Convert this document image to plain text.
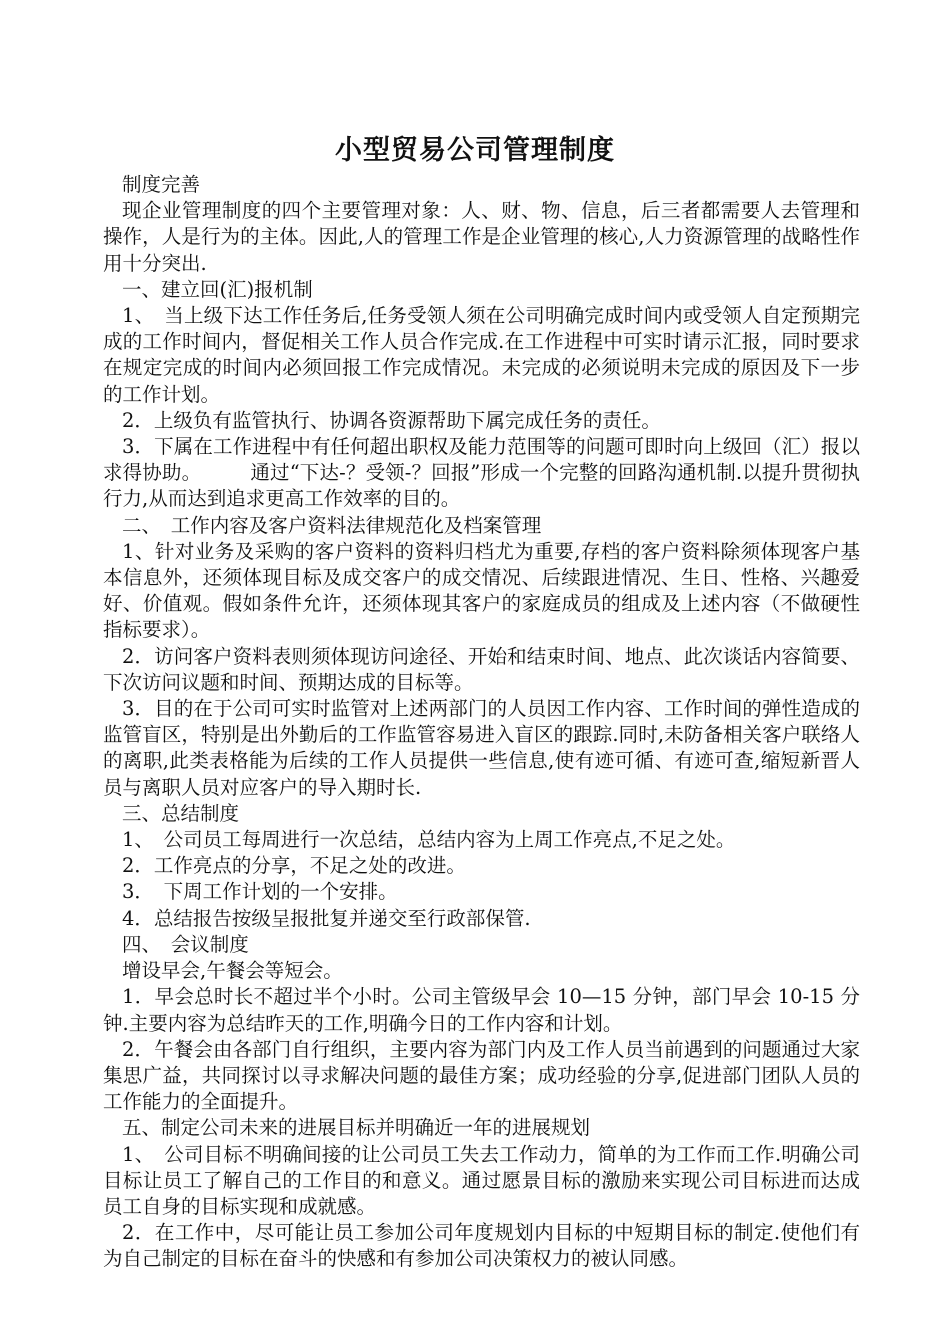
小型贸易公司管理制度

制度完善

现企业管理制度的四个主要管理对象：人、财、物、信息，后三者都需要人去管理和操作，人是行为的主体。因此,人的管理工作是企业管理的核心,人力资源管理的战略性作用十分突出.

一、建立回(汇)报机制

1、　当上级下达工作任务后,任务受领人须在公司明确完成时间内或受领人自定预期完成的工作时间内，督促相关工作人员合作完成.在工作进程中可实时请示汇报，同时要求在规定完成的时间内必须回报工作完成情况。未完成的必须说明未完成的原因及下一步的工作计划。

2．上级负有监管执行、协调各资源帮助下属完成任务的责任。

3．下属在工作进程中有任何超出职权及能力范围等的问题可即时向上级回（汇）报以求得协助。　　　通过“下达-？受领-？回报”形成一个完整的回路沟通机制.以提升贯彻执行力,从而达到追求更高工作效率的目的。

二、　工作内容及客户资料法律规范化及档案管理

1、针对业务及采购的客户资料的资料归档尤为重要,存档的客户资料除须体现客户基本信息外，还须体现目标及成交客户的成交情况、后续跟进情况、生日、性格、兴趣爱好、价值观。假如条件允许，还须体现其客户的家庭成员的组成及上述内容（不做硬性指标要求）。

2．访问客户资料表则须体现访问途径、开始和结束时间、地点、此次谈话内容简要、下次访问议题和时间、预期达成的目标等。

3．目的在于公司可实时监管对上述两部门的人员因工作内容、工作时间的弹性造成的监管盲区，特别是出外勤后的工作监管容易进入盲区的跟踪.同时,未防备相关客户联络人的离职,此类表格能为后续的工作人员提供一些信息,使有迹可循、有迹可查,缩短新晋人员与离职人员对应客户的导入期时长.

三、总结制度

1、　公司员工每周进行一次总结，总结内容为上周工作亮点,不足之处。

2．工作亮点的分享，不足之处的改进。

3．　下周工作计划的一个安排。

4．总结报告按级呈报批复并递交至行政部保管.

四、　会议制度

增设早会,午餐会等短会。

1．早会总时长不超过半个小时。公司主管级早会 10—15 分钟，部门早会 10-15 分钟.主要内容为总结昨天的工作,明确今日的工作内容和计划。

2．午餐会由各部门自行组织，主要内容为部门内及工作人员当前遇到的问题通过大家集思广益，共同探讨以寻求解决问题的最佳方案；成功经验的分享,促进部门团队人员的工作能力的全面提升。

五、制定公司未来的进展目标并明确近一年的进展规划

1、　公司目标不明确间接的让公司员工失去工作动力，简单的为工作而工作.明确公司目标让员工了解自己的工作目的和意义。通过愿景目标的激励来实现公司目标进而达成员工自身的目标实现和成就感。

2．在工作中，尽可能让员工参加公司年度规划内目标的中短期目标的制定.使他们有为自己制定的目标在奋斗的快感和有参加公司决策权力的被认同感。
